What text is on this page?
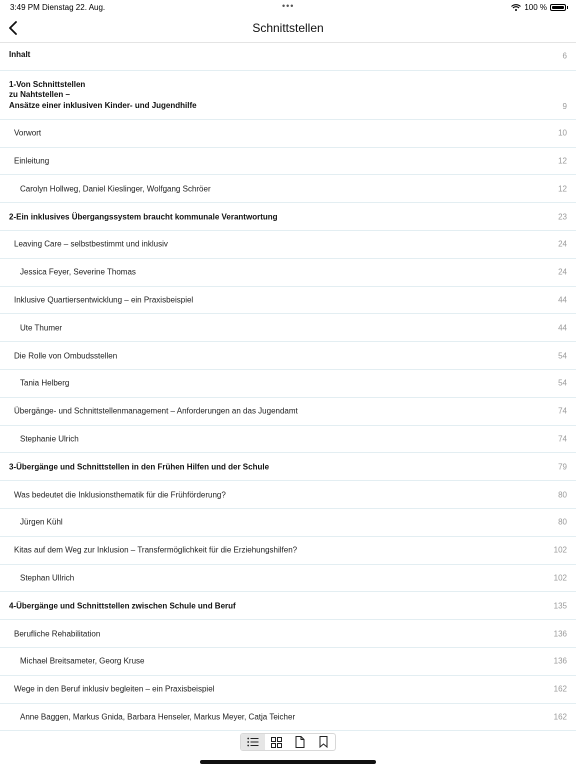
3:49 PM Dienstag 22. Aug.	•••	100 %
Schnittstellen
Inhalt	6
1-Von Schnittstellen
zu Nahtstellen –
Ansätze einer inklusiven Kinder- und Jugendhilfe	9
Vorwort	10
Einleitung	12
Carolyn Hollweg, Daniel Kieslinger, Wolfgang Schröer	12
2-Ein inklusives Übergangssystem braucht kommunale Verantwortung	23
Leaving Care – selbstbestimmt und inklusiv	24
Jessica Feyer, Severine Thomas	24
Inklusive Quartiersentwicklung – ein Praxisbeispiel	44
Ute Thumer	44
Die Rolle von Ombudsstellen	54
Tania Helberg	54
Übergänge- und Schnittstellenmanagement – Anforderungen an das Jugendamt	74
Stephanie Ulrich	74
3-Übergänge und Schnittstellen in den Frühen Hilfen und der Schule	79
Was bedeutet die Inklusionsthematik für die Frühförderung?	80
Jürgen Kühl	80
Kitas auf dem Weg zur Inklusion – Transfermöglichkeit für die Erziehungshilfen?	102
Stephan Ullrich	102
4-Übergänge und Schnittstellen zwischen Schule und Beruf	135
Berufliche Rehabilitation	136
Michael Breitsameter, Georg Kruse	136
Wege in den Beruf inklusiv begleiten – ein Praxisbeispiel	162
Anne Baggen, Markus Gnida, Barbara Henseler, Markus Meyer, Catja Teicher	162
